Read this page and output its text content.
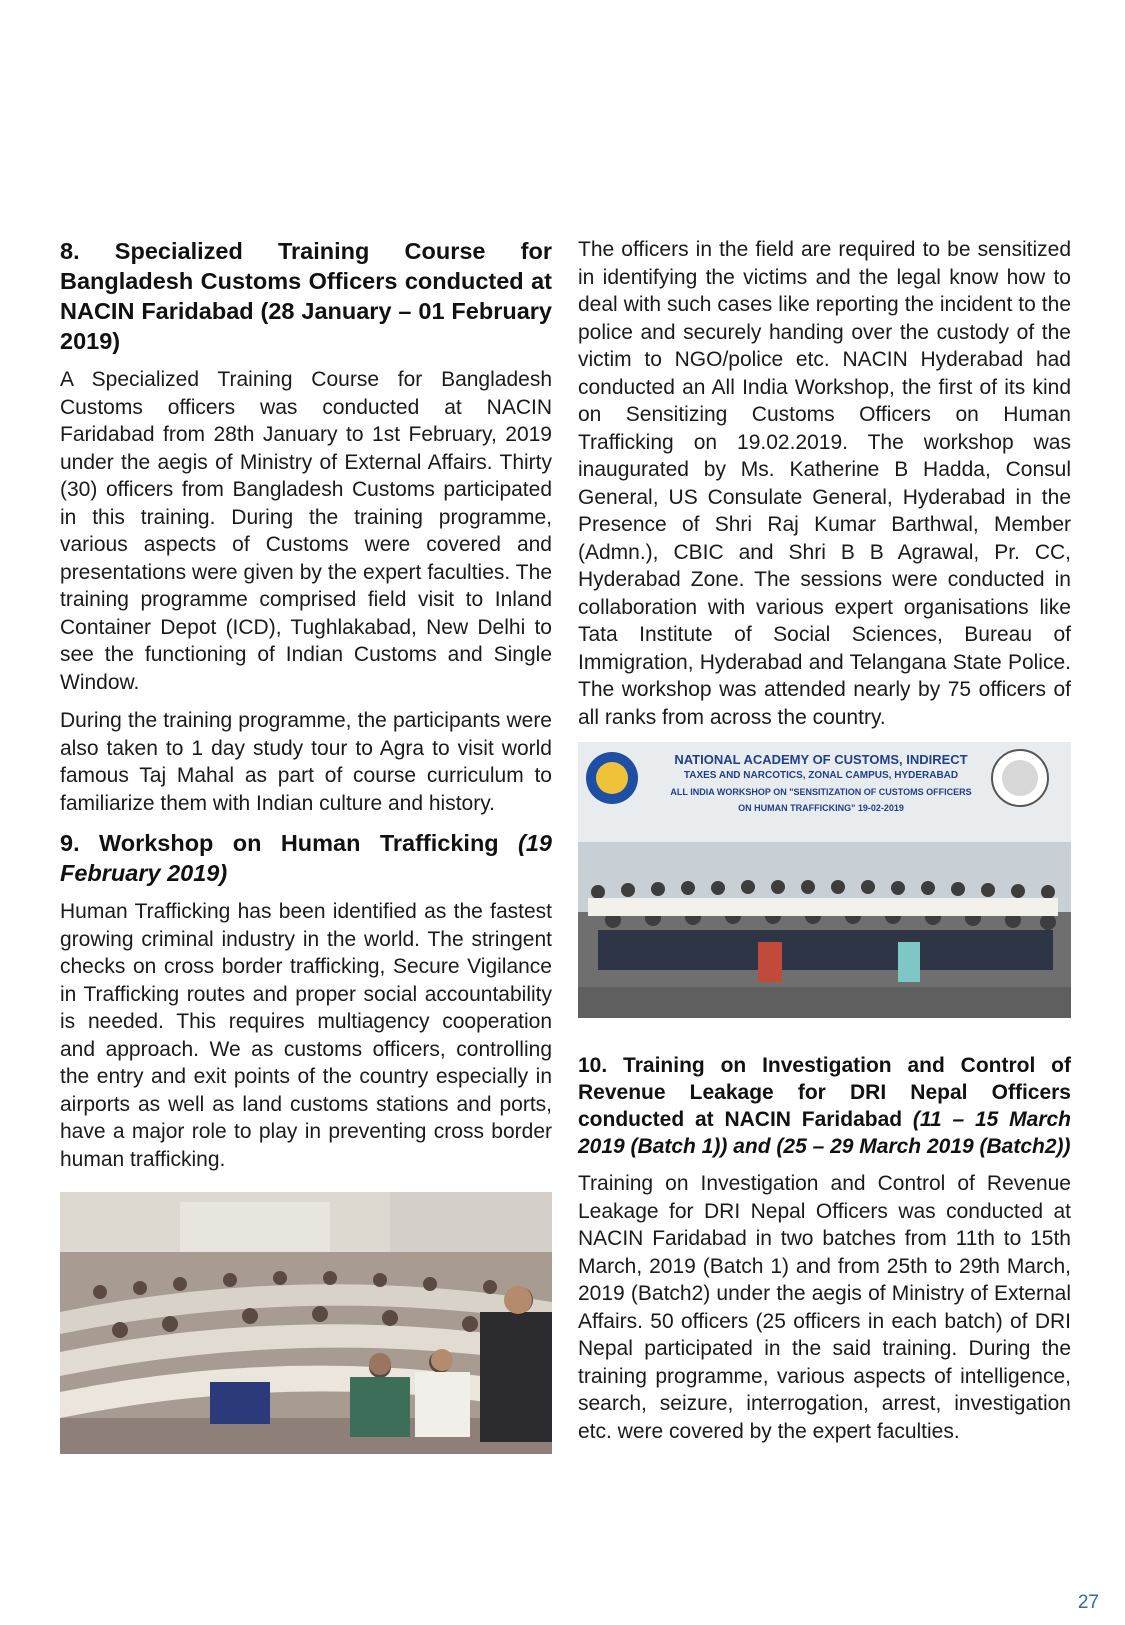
8. Specialized Training Course for Bangladesh Customs Officers conducted at NACIN Faridabad (28 January – 01 February 2019)

A Specialized Training Course for Bangladesh Customs officers was conducted at NACIN Faridabad from 28th January to 1st February, 2019 under the aegis of Ministry of External Affairs. Thirty (30) officers from Bangladesh Customs participated in this training. During the training programme, various aspects of Customs were covered and presentations were given by the expert faculties. The training programme comprised field visit to Inland Container Depot (ICD), Tughlakabad, New Delhi to see the functioning of Indian Customs and Single Window.

During the training programme, the participants were also taken to 1 day study tour to Agra to visit world famous Taj Mahal as part of course curriculum to familiarize them with Indian culture and history.

9. Workshop on Human Trafficking (19 February 2019)

Human Trafficking has been identified as the fastest growing criminal industry in the world. The stringent checks on cross border trafficking, Secure Vigilance in Trafficking routes and proper social accountability is needed. This requires multiagency cooperation and approach. We as customs officers, controlling the entry and exit points of the country especially in airports as well as land customs stations and ports, have a major role to play in preventing cross border human trafficking.

The officers in the field are required to be sensitized in identifying the victims and the legal know how to deal with such cases like reporting the incident to the police and securely handing over the custody of the victim to NGO/police etc. NACIN Hyderabad had conducted an All India Workshop, the first of its kind on Sensitizing Customs Officers on Human Trafficking on 19.02.2019. The workshop was inaugurated by Ms. Katherine B Hadda, Consul General, US Consulate General, Hyderabad in the Presence of Shri Raj Kumar Barthwal, Member (Admn.), CBIC and Shri B B Agrawal, Pr. CC, Hyderabad Zone. The sessions were conducted in collaboration with various expert organisations like Tata Institute of Social Sciences, Bureau of Immigration, Hyderabad and Telangana State Police. The workshop was attended nearly by 75 officers of all ranks from across the country.

NATIONAL ACADEMY OF CUSTOMS, INDIRECT
TAXES AND NARCOTICS, ZONAL CAMPUS, HYDERABAD
ALL INDIA WORKSHOP ON "SENSITIZATION OF CUSTOMS OFFICERS
ON HUMAN TRAFFICKING" 19-02-2019
10. Training on Investigation and Control of Revenue Leakage for DRI Nepal Officers conducted at NACIN Faridabad (11 – 15 March 2019 (Batch 1)) and (25 – 29 March 2019 (Batch2))

Training on Investigation and Control of Revenue Leakage for DRI Nepal Officers was conducted at NACIN Faridabad in two batches from 11th to 15th March, 2019 (Batch 1) and from 25th to 29th March, 2019 (Batch2) under the aegis of Ministry of External Affairs. 50 officers (25 officers in each batch) of DRI Nepal participated in the said training. During the training programme, various aspects of intelligence, search, seizure, interrogation, arrest, investigation etc. were covered by the expert faculties.

27
